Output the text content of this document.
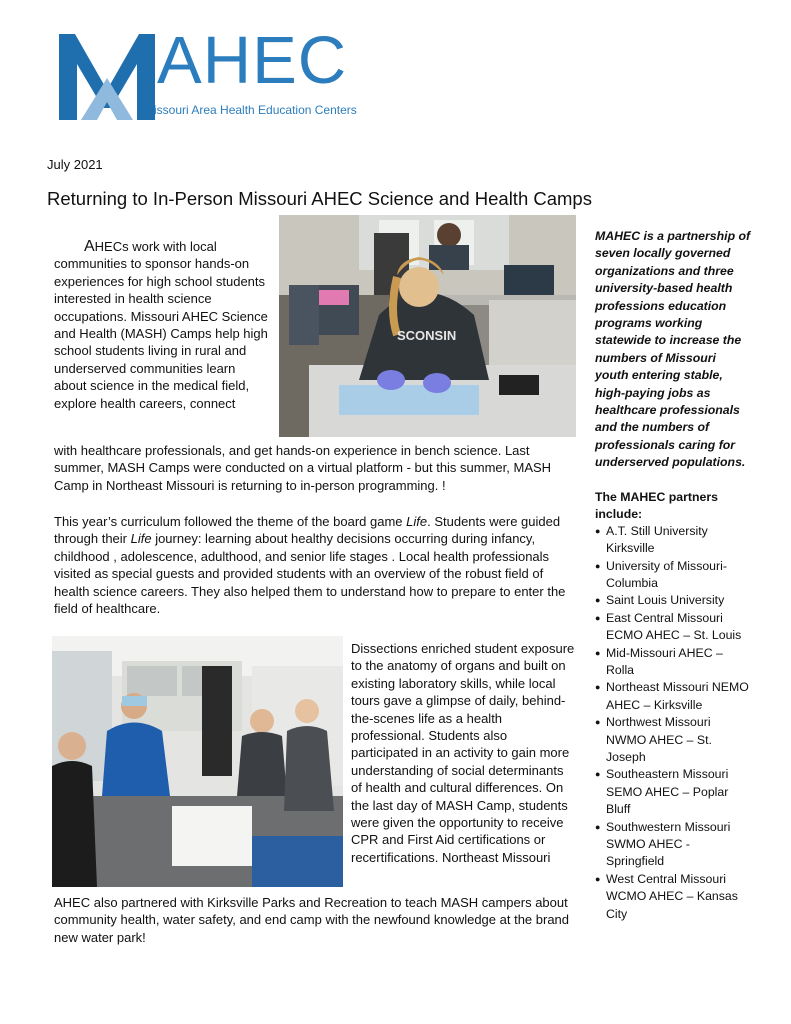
AHEC
issouri Area Health Education Centers
July 2021
Returning to In-Person Missouri AHEC Science and Health Camps
SCONSIN
AHECs work with local communities to sponsor hands-on experiences for high school students interested in health science occupations. Missouri AHEC Science and Health (MASH) Camps help high school students living in rural and underserved communities learn about science in the medical field, explore health careers, connect
with healthcare professionals, and get hands-on experience in bench science. Last summer, MASH Camps were conducted on a virtual platform - but this summer, MASH Camp in Northeast Missouri is returning to in-person programming. !
This year’s curriculum followed the theme of the board game Life. Students were guided through their Life journey: learning about healthy decisions occurring during infancy, childhood , adolescence, adulthood, and senior life stages . Local health professionals visited as special guests and provided students with an overview of the robust field of health science careers. They also helped them to understand how to prepare to enter the field of healthcare.
Dissections enriched student exposure to the anatomy of organs and built on existing laboratory skills, while local tours gave a glimpse of daily, behind-the-scenes life as a health professional. Students also participated in an activity to gain more understanding of social determinants of health and cultural differences. On the last day of MASH Camp, students were given the opportunity to receive CPR and First Aid certifications or recertifications. Northeast Missouri
AHEC also partnered with Kirksville Parks and Recreation to teach MASH campers about community health, water safety, and end camp with the newfound knowledge at the brand new water park!
MAHEC is a partnership of seven locally governed organizations and three university-based health professions education programs working statewide to increase the numbers of Missouri youth entering stable, high-paying jobs as healthcare professionals and the numbers of professionals caring for underserved populations.
The MAHEC partners include:
● A.T. Still University Kirksville
● University of Missouri-Columbia
● Saint Louis University
● East Central Missouri ECMO AHEC – St. Louis
● Mid-Missouri AHEC – Rolla
● Northeast Missouri NEMO AHEC – Kirksville
● Northwest Missouri NWMO AHEC – St. Joseph
● Southeastern Missouri SEMO AHEC – Poplar Bluff
● Southwestern Missouri SWMO AHEC - Springfield
● West Central Missouri WCMO AHEC – Kansas City
